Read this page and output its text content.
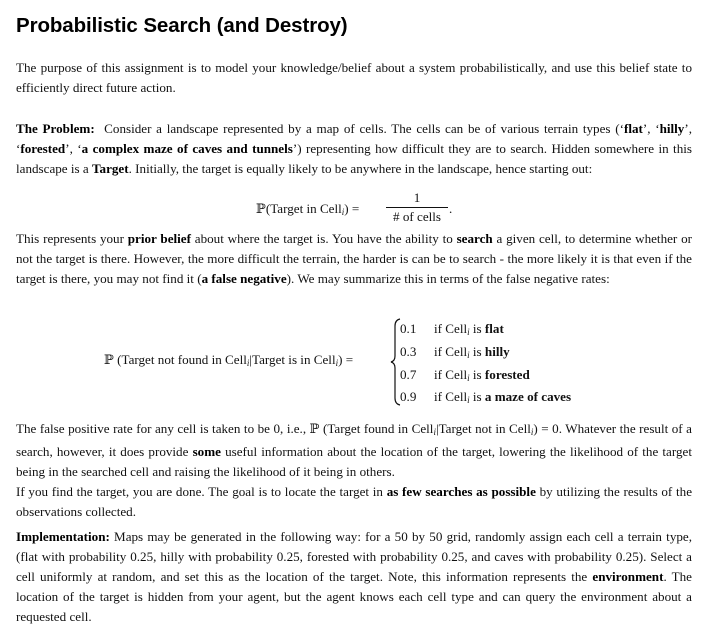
Probabilistic Search (and Destroy)
The purpose of this assignment is to model your knowledge/belief about a system probabilistically, and use this belief state to efficiently direct future action.
The Problem: Consider a landscape represented by a map of cells. The cells can be of various terrain types (‘flat’, ‘hilly’, ‘forested’, ‘a complex maze of caves and tunnels’) representing how difficult they are to search. Hidden somewhere in this landscape is a Target. Initially, the target is equally likely to be anywhere in the landscape, hence starting out:
ℙ(Target in Cell$_i$) =
1
# of cells
.
This represents your prior belief about where the target is. You have the ability to search a given cell, to determine whether or not the target is there. However, the more difficult the terrain, the harder is can be to search - the more likely it is that even if the target is there, you may not find it (a false negative). We may summarize this in terms of the false negative rates:
ℙ (Target not found in Cell$_i$|Target is in Cell$_i$) =
0.1 if Cell$_i$ is flat
0.3 if Cell$_i$ is hilly
0.7 if Cell$_i$ is forested
0.9 if Cell$_i$ is a maze of caves
The false positive rate for any cell is taken to be 0, i.e., ℙ (Target found in Cell$_i$|Target not in Cell$_i$) = 0. Whatever the result of a search, however, it does provide some useful information about the location of the target, lowering the likelihood of the target being in the searched cell and raising the likelihood of it being in others.
If you find the target, you are done. The goal is to locate the target in as few searches as possible by utilizing the results of the observations collected.
Implementation: Maps may be generated in the following way: for a 50 by 50 grid, randomly assign each cell a terrain type, (flat with probability 0.25, hilly with probability 0.25, forested with probability 0.25, and caves with probability 0.25). Select a cell uniformly at random, and set this as the location of the target. Note, this information represents the environment. The location of the target is hidden from your agent, but the agent knows each cell type and can query the environment about a requested cell.
